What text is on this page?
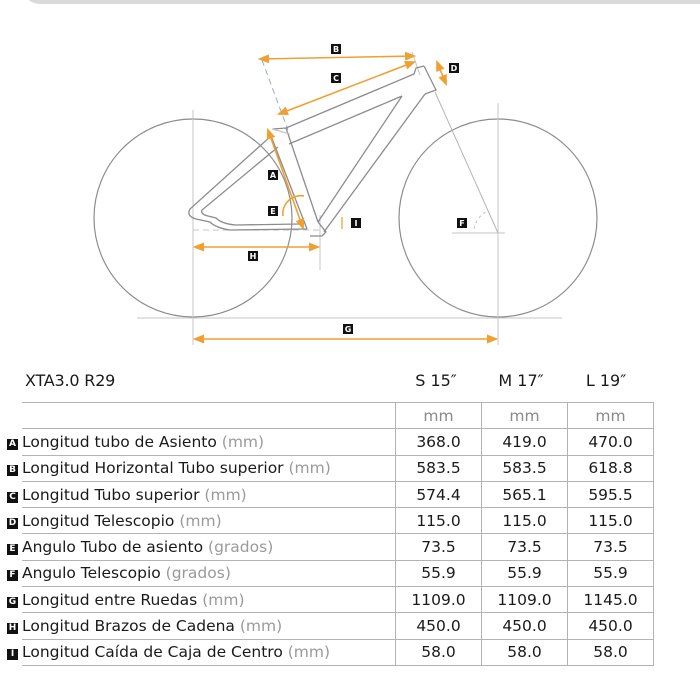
B
C
D
A
E
I	F
H
G
XTA3.0 R29	S 15″	M 17″	L 19″
	mm	mm	mm
A Longitud tubo de Asiento (mm)	368.0	419.0	470.0
B Longitud Horizontal Tubo superior (mm)	583.5	583.5	618.8
C Longitud Tubo superior (mm)	574.4	565.1	595.5
D Longitud Telescopio (mm)	115.0	115.0	115.0
E Angulo Tubo de asiento (grados)	73.5	73.5	73.5
F Angulo Telescopio (grados)	55.9	55.9	55.9
G Longitud entre Ruedas (mm)	1109.0	1109.0	1145.0
H Longitud Brazos de Cadena (mm)	450.0	450.0	450.0
I Longitud Caída de Caja de Centro (mm)	58.0	58.0	58.0
